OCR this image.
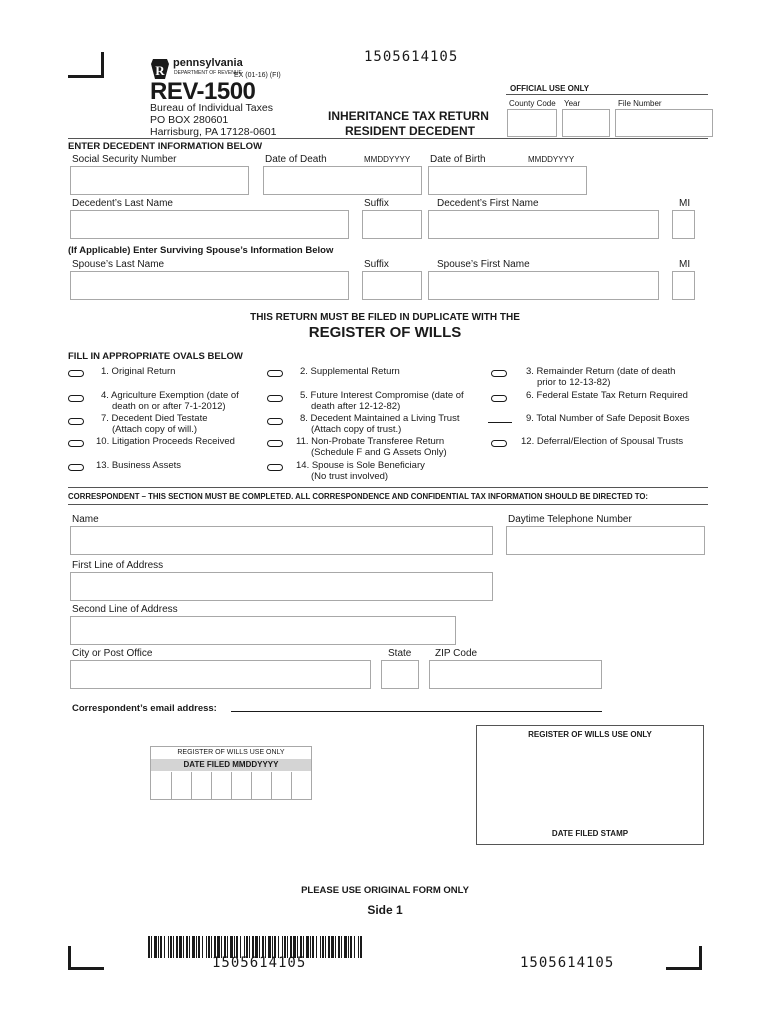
1505614105
R pennsylvania
DEPARTMENT OF REVENUE
EX (01-16) (FI)
REV-1500
Bureau of Individual Taxes
PO BOX 280601
Harrisburg, PA 17128-0601
INHERITANCE TAX RETURN
RESIDENT DECEDENT
OFFICIAL USE ONLY
County Code Year	File Number
ENTER DECEDENT INFORMATION BELOW
Social Security Number	Date of Death	MMDDYYYY Date of Birth	MMDDYYYY
Decedent’s Last Name	Suffix	Decedent’s First Name	MI
(If Applicable) Enter Surviving Spouse’s Information Below
Spouse’s Last Name	Suffix	Spouse’s First Name	MI
THIS RETURN MUST BE FILED IN DUPLICATE WITH THE
REGISTER OF WILLS
FILL IN APPROPRIATE OVALS BELOW
1. Original Return	2. Supplemental Return	3. Remainder Return (date of death
prior to 12-13-82)
4. Agriculture Exemption (date of
death on or after 7-1-2012)
5. Future Interest Compromise (date of
death after 12-12-82)
6. Federal Estate Tax Return Required
7. Decedent Died Testate
(Attach copy of will.)
8. Decedent Maintained a Living Trust
(Attach copy of trust.)
9. Total Number of Safe Deposit Boxes
10. Litigation Proceeds Received	11. Non-Probate Transferee Return
(Schedule F and G Assets Only)
12. Deferral/Election of Spousal Trusts
13. Business Assets	14. Spouse is Sole Beneficiary
(No trust involved)
CORRESPONDENT – THIS SECTION MUST BE COMPLETED. ALL CORRESPONDENCE AND CONFIDENTIAL TAX INFORMATION SHOULD BE DIRECTED TO:
Name	Daytime Telephone Number
First Line of Address
Second Line of Address
City or Post Office	State ZIP Code
Correspondent’s email address:
REGISTER OF WILLS USE ONLY
DATE FILED MMDDYYYY
REGISTER OF WILLS USE ONLY
DATE FILED STAMP
PLEASE USE ORIGINAL FORM ONLY
Side 1
1505614105	1505614105
